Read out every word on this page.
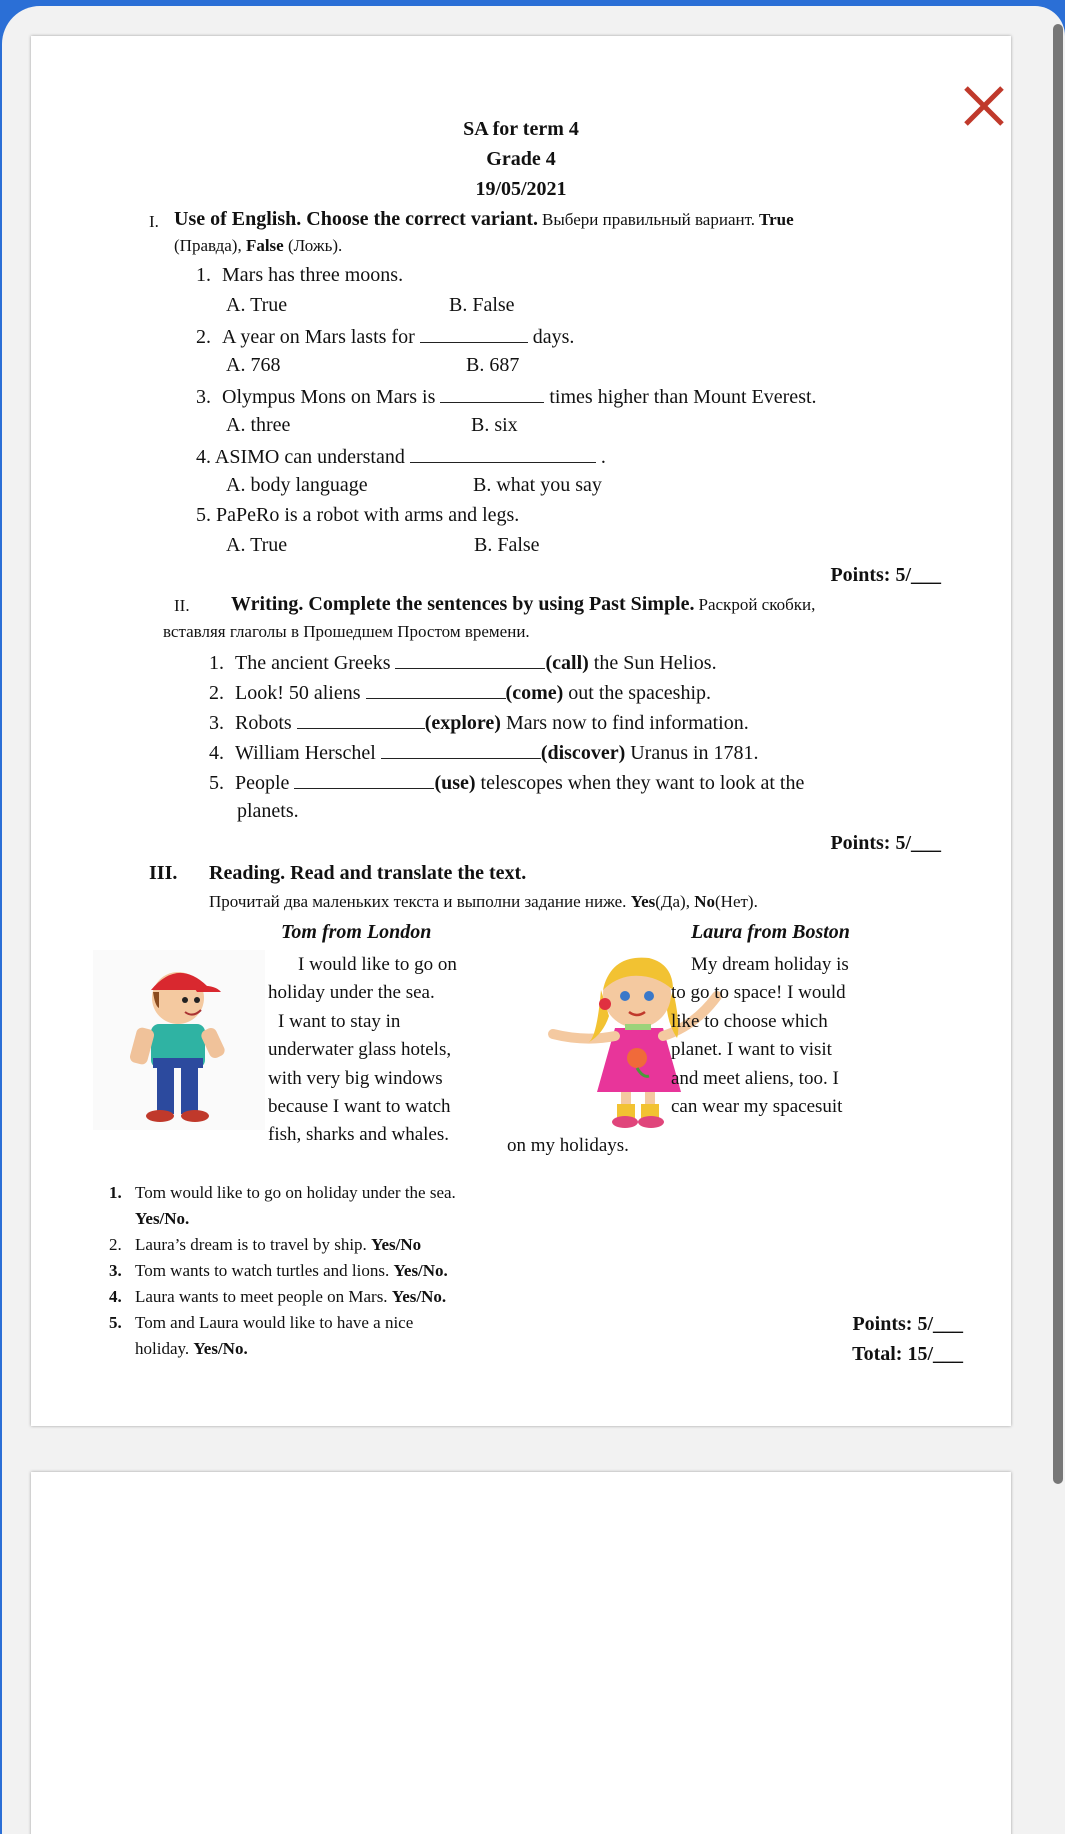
SA for term 4
Grade 4
19/05/2021
I. Use of English. Choose the correct variant. Выбери правильный вариант. True
(Правда), False (Ложь).
1. Mars has three moons.
A. True	B. False
2. A year on Mars lasts for	days.
A. 768	B. 687
3. Olympus Mons on Mars is	times higher than Mount Everest.
A. three	B. six
4. ASIMO can understand	.
A. body language	B. what you say
5. PaPeRo is a robot with arms and legs.
A. True	B. False
Points: 5/___
II. Writing. Complete the sentences by using Past Simple. Раскрой скобки,
вставляя глаголы в Прошедшем Простом времени.
1. The ancient Greeks	(call) the Sun Helios.
2. Look! 50 aliens	(come) out the spaceship.
3. Robots	(explore) Mars now to find information.
4. William Herschel	(discover) Uranus in 1781.
5. People	(use) telescopes when they want to look at the
planets.
Points: 5/___
III. Reading. Read and translate the text.
Прочитай два маленьких текста и выполни задание ниже. Yes(Да), No(Нет).
Tom from London
I would like to go on
holiday under the sea.
I want to stay in
underwater glass hotels,
with very big windows
because I want to watch
fish, sharks and whales.
Laura from Boston
My dream holiday is
to go to space! I would
like to choose which
planet. I want to visit
and meet aliens, too. I
can wear my spacesuit
on my holidays.
1. Tom would like to go on holiday under the sea.
Yes/No.
2. Laura’s dream is to travel by ship. Yes/No
3. Tom wants to watch turtles and lions. Yes/No.
4. Laura wants to meet people on Mars. Yes/No.
5. Tom and Laura would like to have a nice
holiday. Yes/No.
Points: 5/___
Total: 15/___
